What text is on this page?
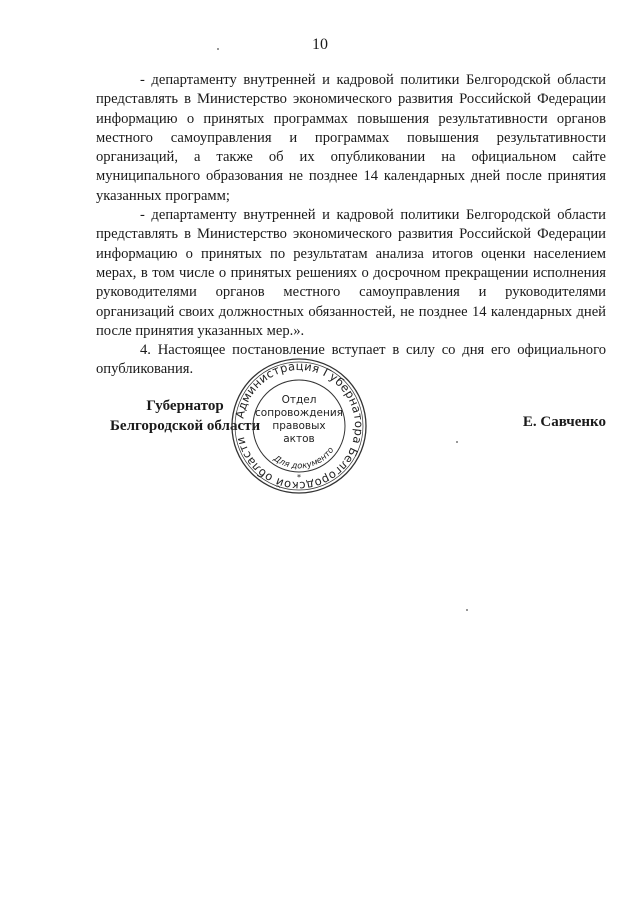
10

- департаменту внутренней и кадровой политики Белгородской области представлять в Министерство экономического развития Российской Федерации информацию о принятых программах повышения результативности органов местного самоуправления и программах повышения результативности организаций, а также об их опубликовании на официальном сайте муниципального образования не позднее 14 календарных дней после принятия указанных программ;

- департаменту внутренней и кадровой политики Белгородской области представлять в Министерство экономического развития Российской Федерации информацию о принятых по результатам анализа итогов оценки населением мерах, в том числе о принятых решениях о досрочном прекращении исполнения руководителями органов местного самоуправления и руководителями организаций своих должностных обязанностей, не позднее 14 календарных дней после принятия указанных мер.».

4. Настоящее постановление вступает в силу со дня его официального опубликования.

Губернатор
Белгородской области
Администрация Губернатора Белгородской области
Для документо
Отдел
сопровождения
правовых
актов
*
Е. Савченко
